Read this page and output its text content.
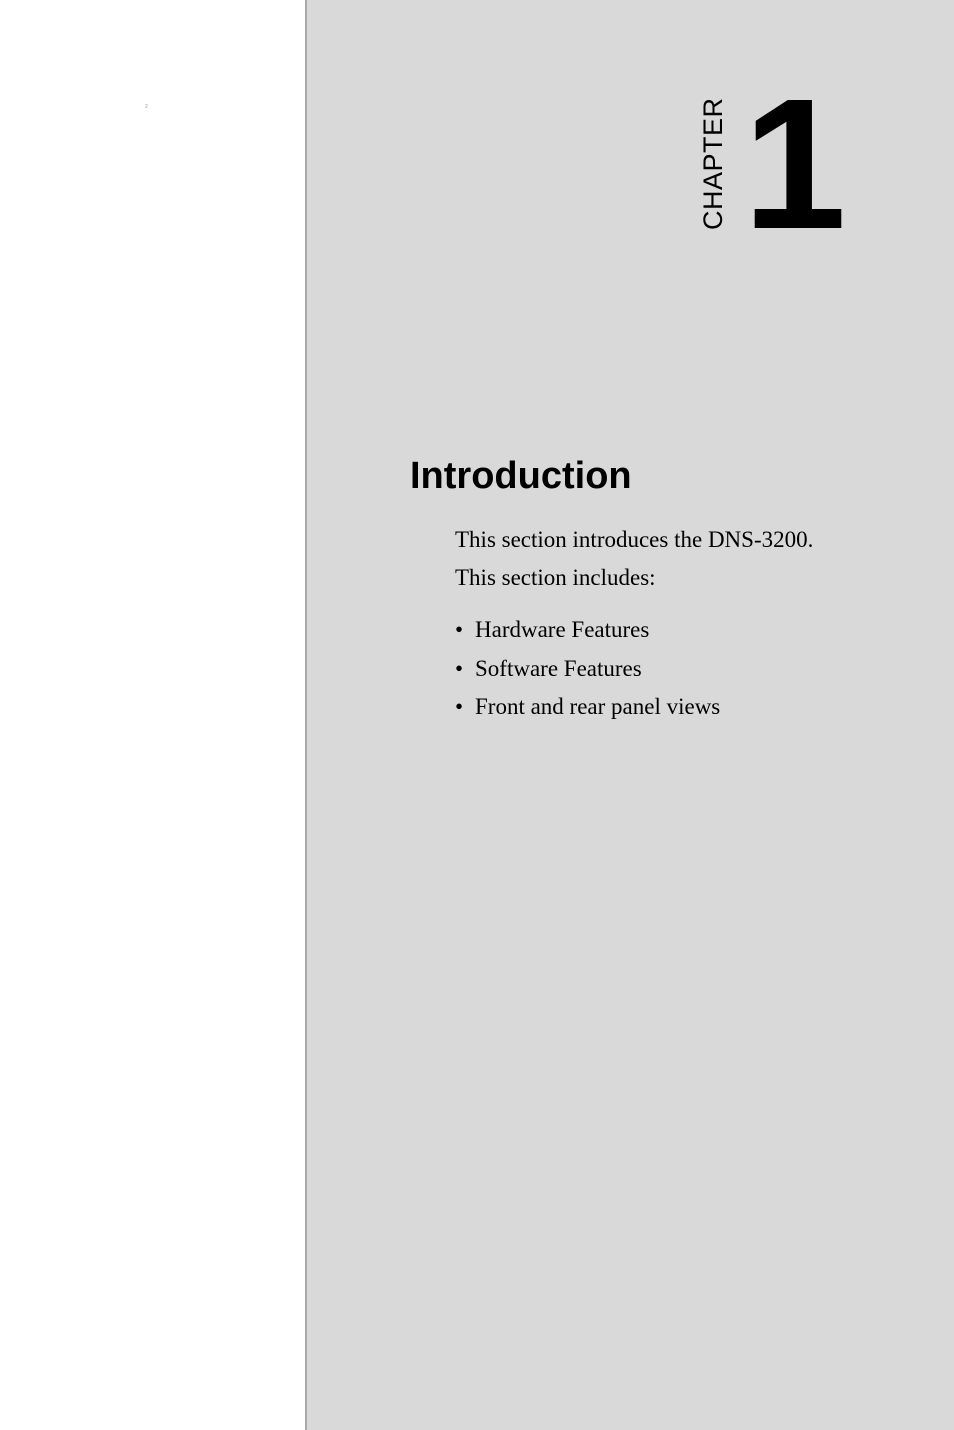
2	CHAPTER 1
Introduction
This section introduces the DNS-3200.
This section includes:
• Hardware Features
• Software Features
• Front and rear panel views
